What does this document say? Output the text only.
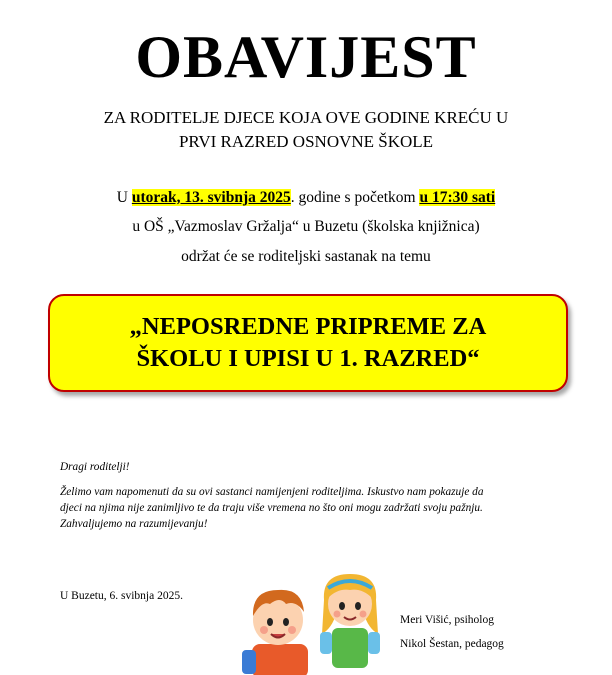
OBAVIJEST
ZA RODITELJE DJECE KOJA OVE GODINE KREĆU U
PRVI RAZRED OSNOVNE ŠKOLE
U utorak, 13. svibnja 2025. godine s početkom u 17:30 sati
u OŠ „Vazmoslav Gržalja“ u Buzetu (školska knjižnica)
održat će se roditeljski sastanak na temu
„NEPOSREDNE PRIPREME ZA
ŠKOLU I UPISI U 1. RAZRED“
Dragi roditelji!
Želimo vam napomenuti da su ovi sastanci namijenjeni roditeljima. Iskustvo nam pokazuje da
djeci na njima nije zanimljivo te da traju više vremena no što oni mogu zadržati svoju pažnju.
Zahvaljujemo na razumijevanju!
U Buzetu, 6. svibnja 2025.
Meri Višić, psiholog
Nikol Šestan, pedagog
